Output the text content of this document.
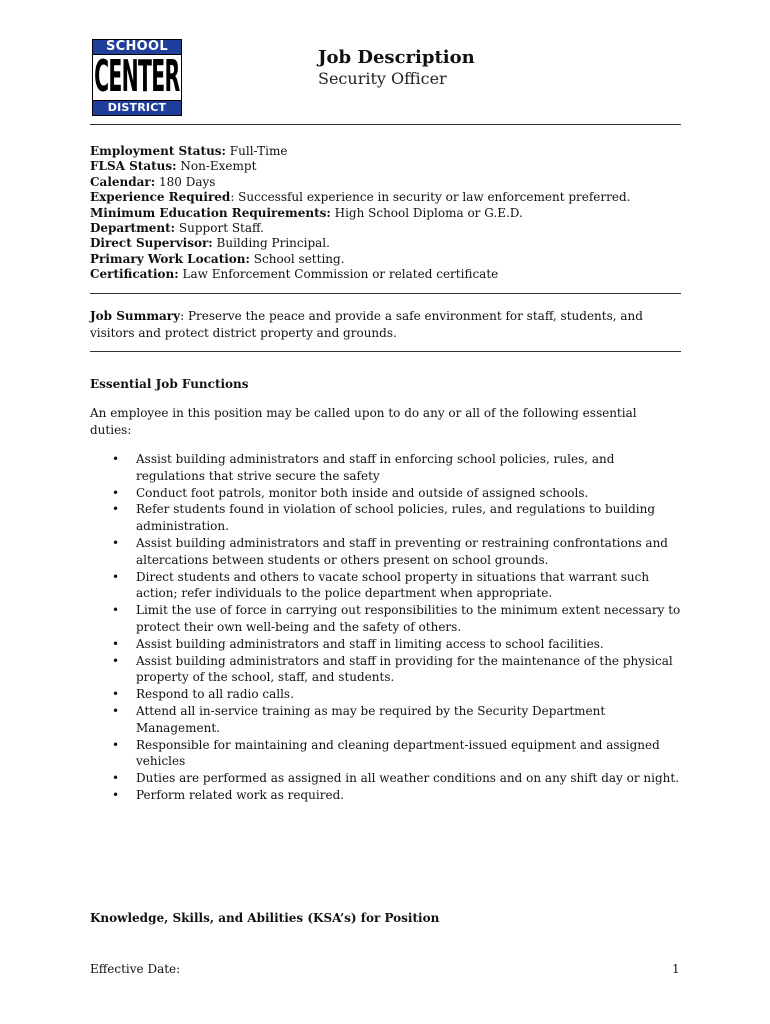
SCHOOL
CENTER
DISTRICT
Job Description
Security Officer
Employment Status: Full-Time
FLSA Status: Non-Exempt
Calendar: 180 Days
Experience Required: Successful experience in security or law enforcement preferred.
Minimum Education Requirements: High School Diploma or G.E.D.
Department: Support Staff.
Direct Supervisor: Building Principal.
Primary Work Location: School setting.
Certification: Law Enforcement Commission or related certificate
Job Summary: Preserve the peace and provide a safe environment for staff, students, and visitors and protect district property and grounds.
Essential Job Functions
An employee in this position may be called upon to do any or all of the following essential duties:
• Assist building administrators and staff in enforcing school policies, rules, and regulations that strive secure the safety
• Conduct foot patrols, monitor both inside and outside of assigned schools.
• Refer students found in violation of school policies, rules, and regulations to building administration.
• Assist building administrators and staff in preventing or restraining confrontations and altercations between students or others present on school grounds.
• Direct students and others to vacate school property in situations that warrant such action; refer individuals to the police department when appropriate.
• Limit the use of force in carrying out responsibilities to the minimum extent necessary to protect their own well-being and the safety of others.
• Assist building administrators and staff in limiting access to school facilities.
• Assist building administrators and staff in providing for the maintenance of the physical property of the school, staff, and students.
• Respond to all radio calls.
• Attend all in-service training as may be required by the Security Department Management.
• Responsible for maintaining and cleaning department-issued equipment and assigned vehicles
• Duties are performed as assigned in all weather conditions and on any shift day or night.
• Perform related work as required.
Knowledge, Skills, and Abilities (KSA’s) for Position
Effective Date:	1
